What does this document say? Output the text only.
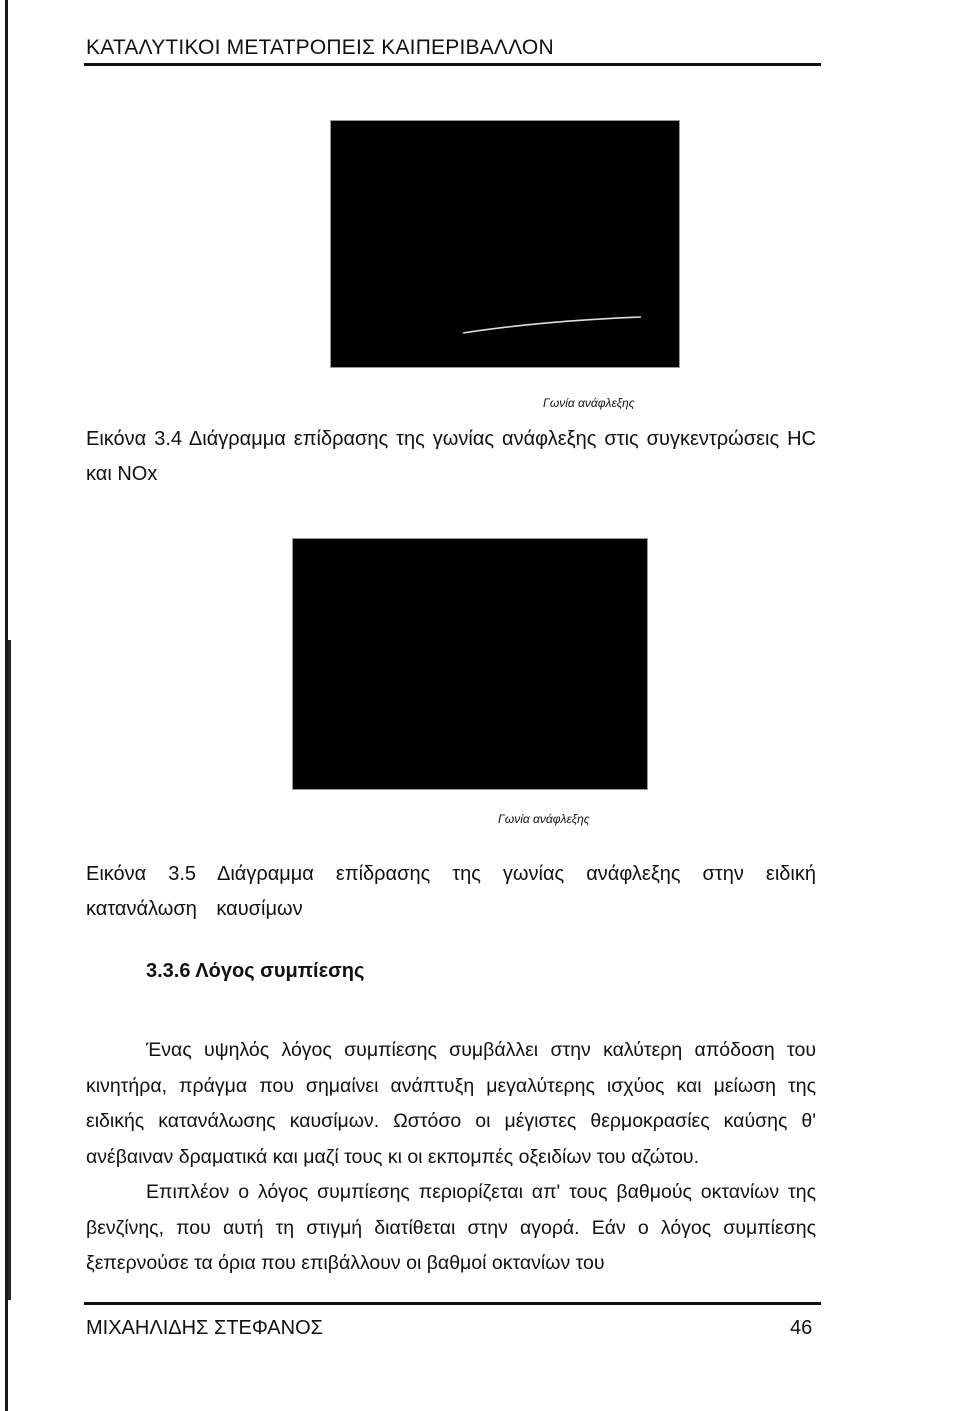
ΚΑΤΑΛΥΤΙΚΟΙ ΜΕΤΑΤΡΟΠΕΙΣ ΚΑΙΠΕΡΙΒΑΛΛΟΝ
Γωνία ανάφλεξης
Εικόνα 3.4 Διάγραμμα επίδρασης της γωνίας ανάφλεξης στις συγκεντρώσεις HC και NOx
Γωνία ανάφλεξης
Εικόνα 3.5 Διάγραμμα επίδρασης της γωνίας ανάφλεξης στην ειδική κατανάλωση καυσίμων
3.3.6 Λόγος συμπίεσης

Ένας υψηλός λόγος συμπίεσης συμβάλλει στην καλύτερη απόδοση του κινητήρα, πράγμα που σημαίνει ανάπτυξη μεγαλύτερης ισχύος και μείωση της ειδικής κατανάλωσης καυσίμων. Ωστόσο οι μέγιστες θερμοκρασίες καύσης θ' ανέβαιναν δραματικά και μαζί τους κι οι εκπομπές οξειδίων του αζώτου.

Επιπλέον ο λόγος συμπίεσης περιορίζεται απ' τους βαθμούς οκτανίων της βενζίνης, που αυτή τη στιγμή διατίθεται στην αγορά. Εάν ο λόγος συμπίεσης ξεπερνούσε τα όρια που επιβάλλουν οι βαθμοί οκτανίων του

ΜΙΧΑΗΛΙΔΗΣ ΣΤΕΦΑΝΟΣ	46
